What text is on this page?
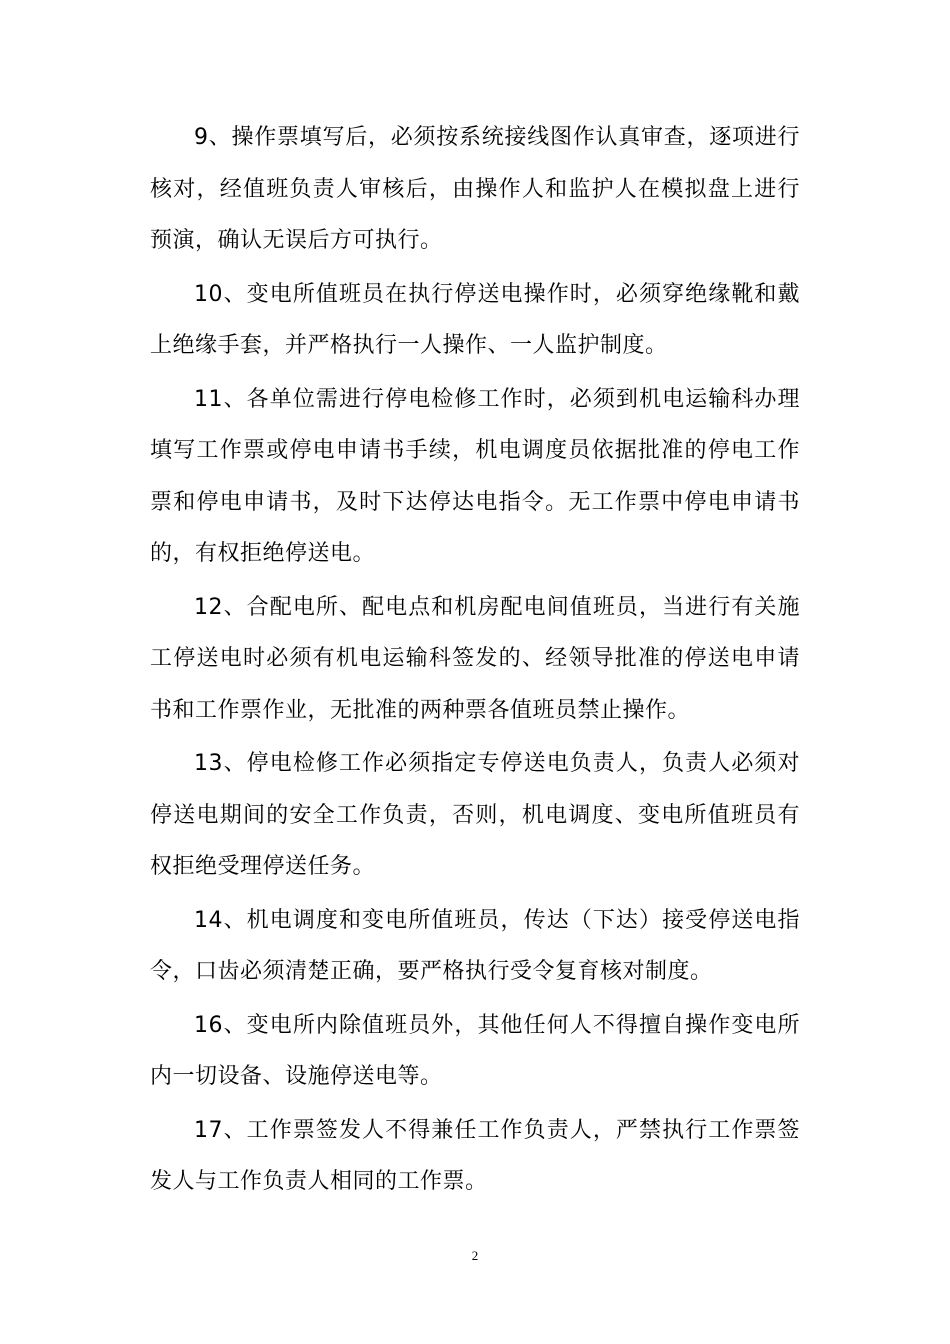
9、操作票填写后，必须按系统接线图作认真审查，逐项进行核对，经值班负责人审核后，由操作人和监护人在模拟盘上进行预演，确认无误后方可执行。

10、变电所值班员在执行停送电操作时，必须穿绝缘靴和戴上绝缘手套，并严格执行一人操作、一人监护制度。

11、各单位需进行停电检修工作时，必须到机电运输科办理填写工作票或停电申请书手续，机电调度员依据批准的停电工作票和停电申请书，及时下达停达电指令。无工作票中停电申请书的，有权拒绝停送电。

12、合配电所、配电点和机房配电间值班员，当进行有关施工停送电时必须有机电运输科签发的、经领导批准的停送电申请书和工作票作业，无批准的两种票各值班员禁止操作。

13、停电检修工作必须指定专停送电负责人，负责人必须对停送电期间的安全工作负责，否则，机电调度、变电所值班员有权拒绝受理停送任务。

14、机电调度和变电所值班员，传达（下达）接受停送电指令，口齿必须清楚正确，要严格执行受令复育核对制度。

16、变电所内除值班员外，其他任何人不得擅自操作变电所内一切设备、设施停送电等。

17、工作票签发人不得兼任工作负责人，严禁执行工作票签发人与工作负责人相同的工作票。

2
